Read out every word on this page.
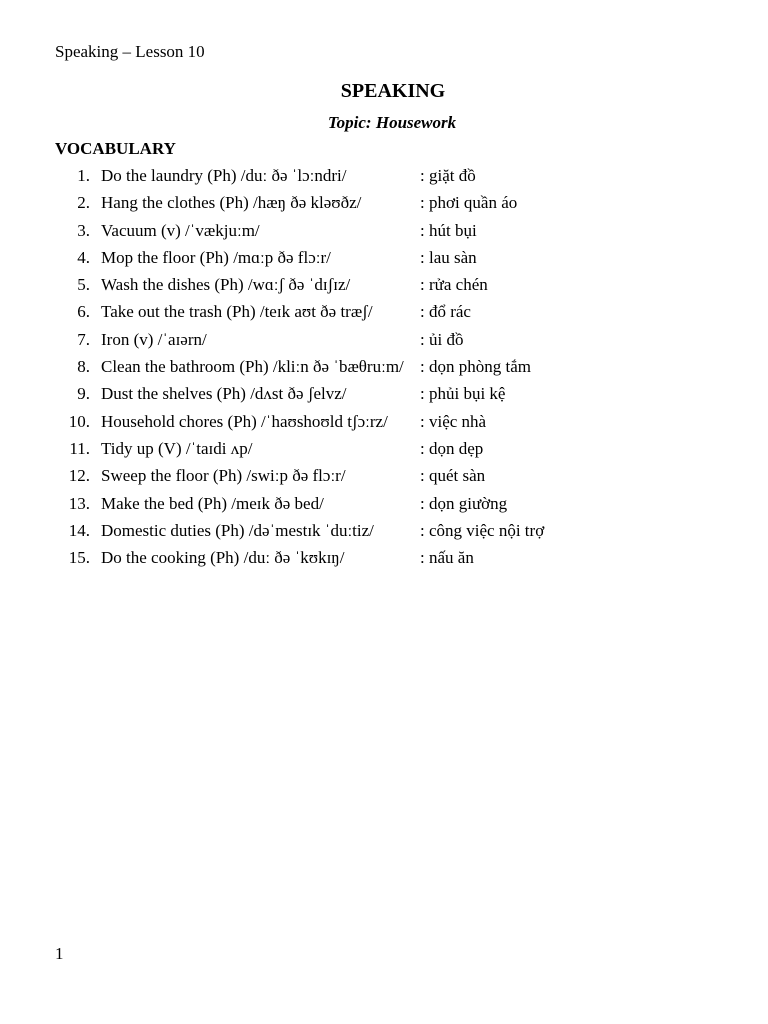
Speaking – Lesson 10
SPEAKING
Topic: Housework
VOCABULARY
1. Do the laundry (Ph) /duː ðə ˈlɔːndri/	: giặt đồ
2. Hang the clothes (Ph) /hæŋ ðə kləʊðz/	: phơi quần áo
3. Vacuum (v) /ˈvækjuːm/	: hút bụi
4. Mop the floor (Ph) /mɑːp ðə flɔːr/	: lau sàn
5. Wash the dishes (Ph) /wɑːʃ ðə ˈdɪʃɪz/	: rửa chén
6. Take out the trash (Ph) /teɪk aʊt ðə træʃ/	: đổ rác
7. Iron (v) /ˈaɪərn/	: ủi đồ
8. Clean the bathroom (Ph) /kliːn ðə ˈbæθruːm/ : dọn phòng tắm
9. Dust the shelves (Ph) /dʌst ðə ʃelvz/	: phủi bụi kệ
10. Household chores (Ph) /ˈhaʊshoʊld tʃɔːrz/ : việc nhà
11. Tidy up (V) /ˈtaɪdi ʌp/	: dọn dẹp
12. Sweep the floor (Ph) /swiːp ðə flɔːr/	: quét sàn
13. Make the bed (Ph) /meɪk ðə bed/	: dọn giường
14. Domestic duties (Ph) /dəˈmestɪk ˈduːtiz/	: công việc nội trợ
15. Do the cooking (Ph) /duː ðə ˈkʊkɪŋ/	: nấu ăn
1
